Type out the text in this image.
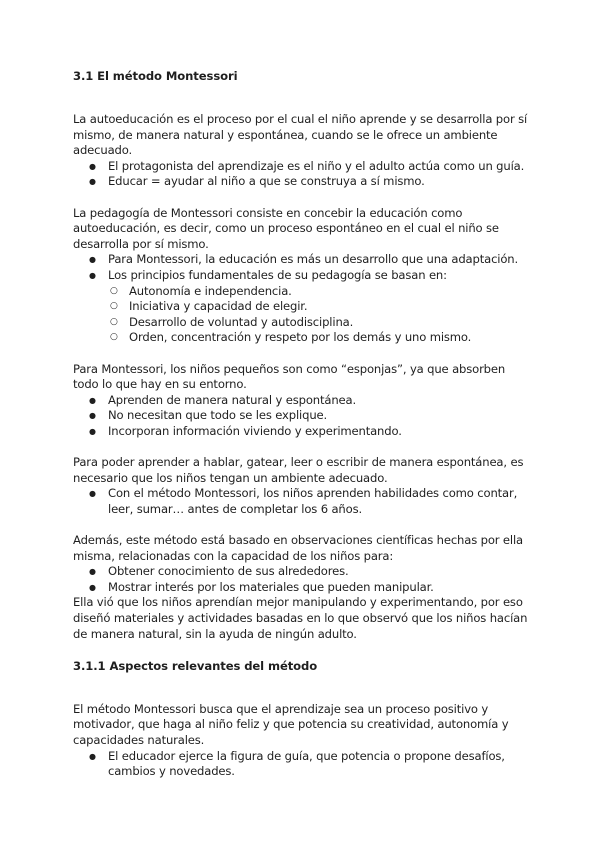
3.1 El método Montessori

La autoeducación es el proceso por el cual el niño aprende y se desarrolla por sí mismo, de manera natural y espontánea, cuando se le ofrece un ambiente adecuado.

● El protagonista del aprendizaje es el niño y el adulto actúa como un guía.
● Educar = ayudar al niño a que se construya a sí mismo.

La pedagogía de Montessori consiste en concebir la educación como autoeducación, es decir, como un proceso espontáneo en el cual el niño se desarrolla por sí mismo.

● Para Montessori, la educación es más un desarrollo que una adaptación.
● Los principios fundamentales de su pedagogía se basan en:
○ Autonomía e independencia.
○ Iniciativa y capacidad de elegir.
○ Desarrollo de voluntad y autodisciplina.
○ Orden, concentración y respeto por los demás y uno mismo.

Para Montessori, los niños pequeños son como “esponjas”, ya que absorben todo lo que hay en su entorno.

● Aprenden de manera natural y espontánea.
● No necesitan que todo se les explique.
● Incorporan información viviendo y experimentando.

Para poder aprender a hablar, gatear, leer o escribir de manera espontánea, es necesario que los niños tengan un ambiente adecuado.

● Con el método Montessori, los niños aprenden habilidades como contar, leer, sumar… antes de completar los 6 años.

Además, este método está basado en observaciones científicas hechas por ella misma, relacionadas con la capacidad de los niños para:

● Obtener conocimiento de sus alrededores.
● Mostrar interés por los materiales que pueden manipular.

Ella vió que los niños aprendían mejor manipulando y experimentando, por eso diseñó materiales y actividades basadas en lo que observó que los niños hacían de manera natural, sin la ayuda de ningún adulto.

3.1.1 Aspectos relevantes del método

El método Montessori busca que el aprendizaje sea un proceso positivo y motivador, que haga al niño feliz y que potencia su creatividad, autonomía y capacidades naturales.

● El educador ejerce la figura de guía, que potencia o propone desafíos, cambios y novedades.
